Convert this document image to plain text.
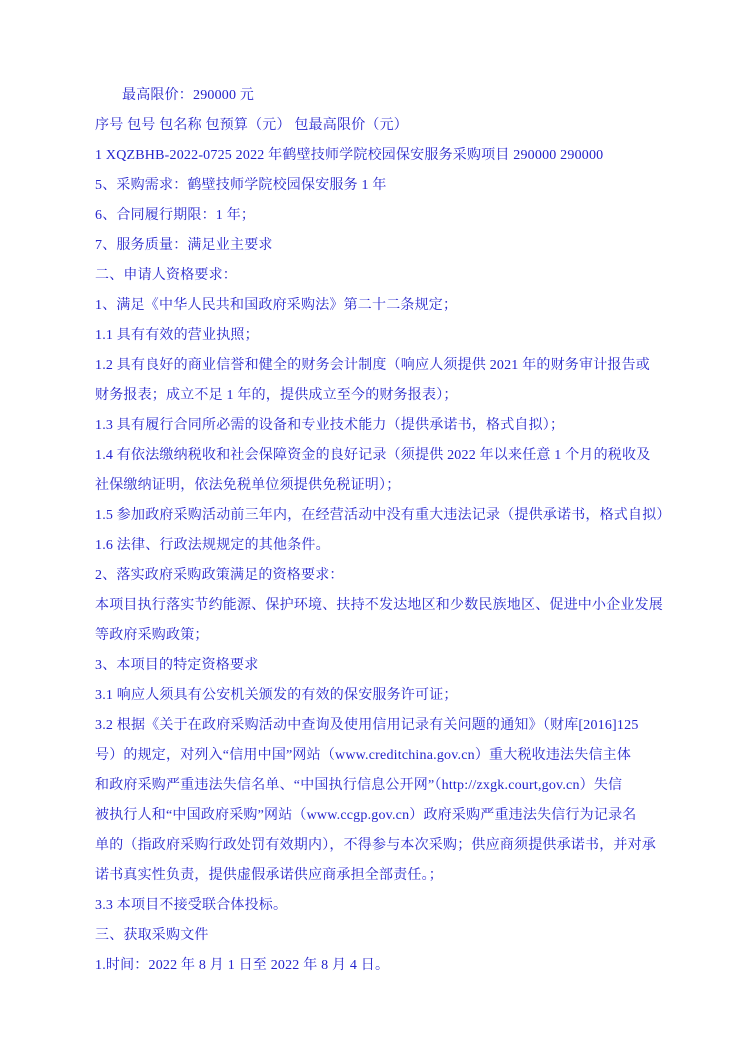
最高限价：290000 元
序号 包号 包名称 包预算（元） 包最高限价（元）
1 XQZBHB-2022-0725 2022 年鹤壁技师学院校园保安服务采购项目 290000 290000
5、采购需求：鹤壁技师学院校园保安服务 1 年
6、合同履行期限：1 年；
7、服务质量：满足业主要求
二、申请人资格要求：
1、满足《中华人民共和国政府采购法》第二十二条规定；
1.1 具有有效的营业执照；
1.2 具有良好的商业信誉和健全的财务会计制度（响应人须提供 2021 年的财务审计报告或
财务报表；成立不足 1 年的，提供成立至今的财务报表）；
1.3 具有履行合同所必需的设备和专业技术能力（提供承诺书，格式自拟）；
1.4 有依法缴纳税收和社会保障资金的良好记录（须提供 2022 年以来任意 1 个月的税收及
社保缴纳证明，依法免税单位须提供免税证明）；
1.5 参加政府采购活动前三年内，在经营活动中没有重大违法记录（提供承诺书，格式自拟）
1.6 法律、行政法规规定的其他条件。
2、落实政府采购政策满足的资格要求：
本项目执行落实节约能源、保护环境、扶持不发达地区和少数民族地区、促进中小企业发展
等政府采购政策；
3、本项目的特定资格要求
3.1 响应人须具有公安机关颁发的有效的保安服务许可证；
3.2 根据《关于在政府采购活动中查询及使用信用记录有关问题的通知》（财库[2016]125
号）的规定，对列入“信用中国”网站（www.creditchina.gov.cn）重大税收违法失信主体
和政府采购严重违法失信名单、“中国执行信息公开网”（http://zxgk.court,gov.cn）失信
被执行人和“中国政府采购”网站（www.ccgp.gov.cn）政府采购严重违法失信行为记录名
单的（指政府采购行政处罚有效期内），不得参与本次采购；供应商须提供承诺书，并对承
诺书真实性负责，提供虚假承诺供应商承担全部责任。；
3.3 本项目不接受联合体投标。
三、获取采购文件
1.时间：2022 年 8 月 1 日至 2022 年 8 月 4 日。
